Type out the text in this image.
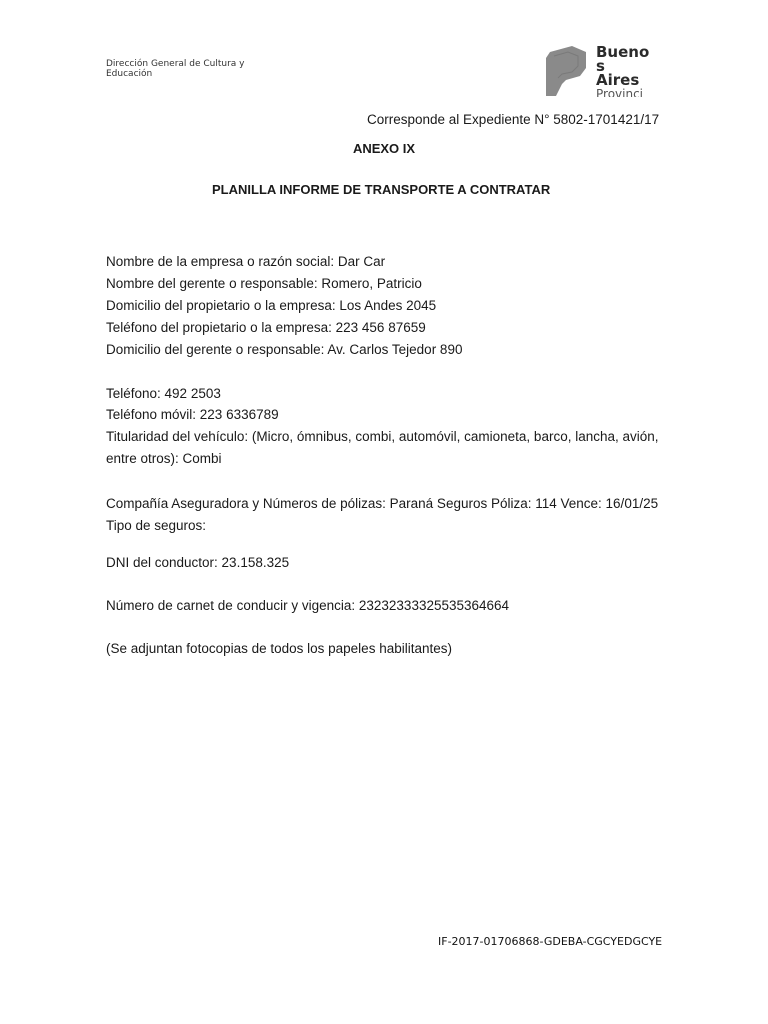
Dirección General de Cultura y
Educación
Bueno
s
Aires
Provinci
Corresponde al Expediente N° 5802-1701421/17
ANEXO IX
PLANILLA INFORME DE TRANSPORTE A CONTRATAR
Nombre de la empresa o razón social: Dar Car
Nombre del gerente o responsable: Romero, Patricio
Domicilio del propietario o la empresa: Los Andes 2045
Teléfono del propietario o la empresa: 223 456 87659
Domicilio del gerente o responsable: Av. Carlos Tejedor 890
Teléfono: 492 2503
Teléfono móvil: 223 6336789
Titularidad del vehículo: (Micro, ómnibus, combi, automóvil, camioneta, barco, lancha, avión,
entre otros): Combi
Compañía Aseguradora y Números de pólizas: Paraná Seguros Póliza: 114 Vence: 16/01/25
Tipo de seguros:
DNI del conductor: 23.158.325
Número de carnet de conducir y vigencia: 23232333325535364664
(Se adjuntan fotocopias de todos los papeles habilitantes)
IF-2017-01706868-GDEBA-CGCYEDGCYE
